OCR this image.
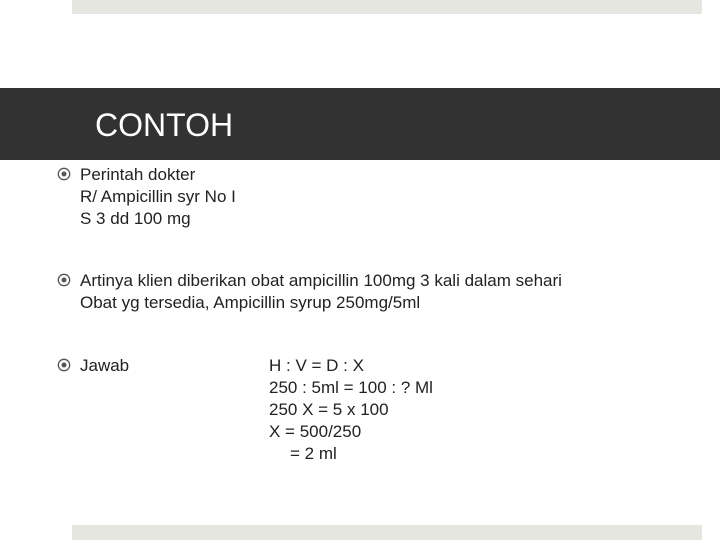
CONTOH
Perintah dokter
R/ Ampicillin syr No I
S 3 dd 100 mg
Artinya klien diberikan obat ampicillin 100mg 3 kali dalam sehari
Obat yg tersedia, Ampicillin syrup 250mg/5ml
Jawab	H : V = D : X
250 : 5ml = 100 : ? Ml
250 X = 5 x 100
X = 500/250
= 2 ml
